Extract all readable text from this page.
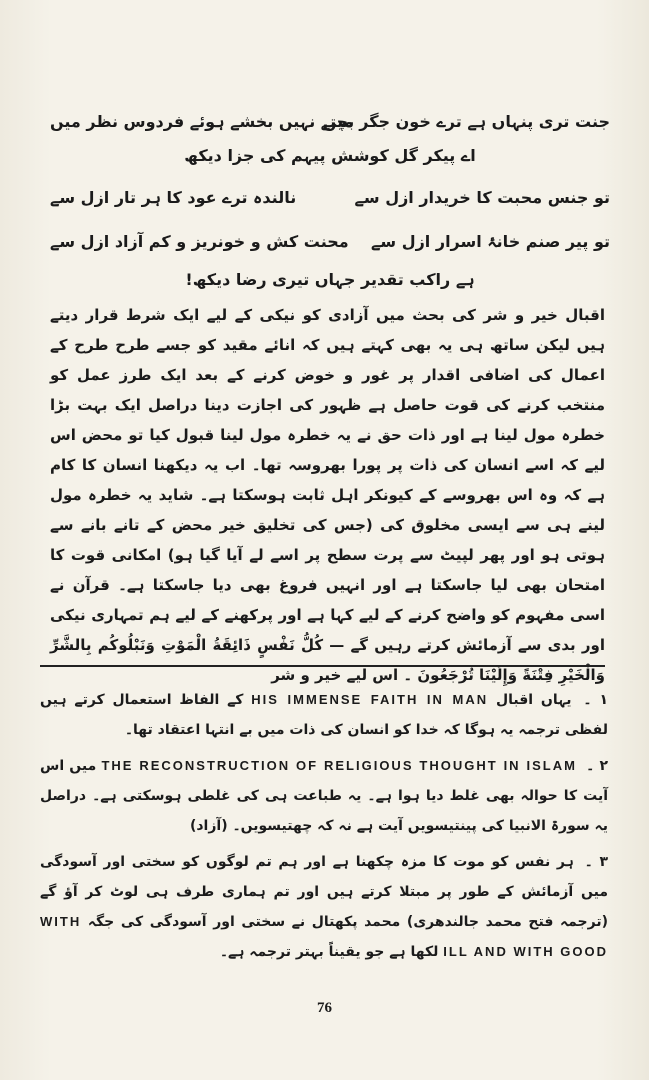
جنت تری پنہاں ہے ترے خون جگر میں
بچتے نہیں بخشے ہوئے فردوس نظر میں
اے پیکر گل کوشش پیہم کی جزا دیکھ
تو جنس محبت کا خریدار ازل سے
نالندہ ترے عود کا ہر تار ازل سے
تو پیر صنم خانۂ اسرار ازل سے
محنت کش و خونریز و کم آزاد ازل سے
ہے راکب تقدیر جہاں تیری رضا دیکھ!

اقبال خیر و شر کی بحث میں آزادی کو نیکی کے لیے ایک شرط قرار دیتے ہیں لیکن ساتھ ہی یہ بھی کہتے ہیں کہ انائے مقید کو جسے طرح طرح کے اعمال کی اضافی اقدار پر غور و خوض کرنے کے بعد ایک طرز عمل کو منتخب کرنے کی قوت حاصل ہے ظہور کی اجازت دینا دراصل ایک بہت بڑا خطرہ مول لینا ہے اور ذات حق نے یہ خطرہ مول لینا قبول کیا تو محض اس لیے کہ اسے انسان کی ذات پر پورا بھروسہ تھا۔ اب یہ دیکھنا انسان کا کام ہے کہ وہ اس بھروسے کے کیونکر اہل ثابت ہوسکتا ہے۔ شاید یہ خطرہ مول لینے ہی سے ایسی مخلوق کی (جس کی تخلیق خیر محض کے تانے بانے سے ہوتی ہو اور پھر لپیٹ سے پرت سطح پر اسے لے آیا گیا ہو) امکانی قوت کا امتحان بھی لیا جاسکتا ہے اور انہیں فروغ بھی دیا جاسکتا ہے۔ قرآن نے اسی مفہوم کو واضح کرنے کے لیے کہا ہے اور پرکھنے کے لیے ہم تمہاری نیکی اور بدی سے آزمائش کرتے رہیں گے — کُلُّ نَفْسٍ ذَائِقَةُ الْمَوْتِ وَنَبْلُوكُم بِالشَّرِّ وَالْخَيْرِ فِتْنَةً وَإِلَيْنَا تُرْجَعُونَ ۔ اس لیے خیر و شر

۱ ۔ یہاں اقبال HIS IMMENSE FAITH IN MAN کے الفاظ استعمال کرتے ہیں لفظی ترجمہ یہ ہوگا کہ خدا کو انسان کی ذات میں بے انتہا اعتقاد تھا۔

۲ ۔ THE RECONSTRUCTION OF RELIGIOUS THOUGHT IN ISLAM میں اس آیت کا حوالہ بھی غلط دیا ہوا ہے۔ یہ طباعت ہی کی غلطی ہوسکتی ہے۔ دراصل یہ سورۃ الانبیا کی پینتیسویں آیت ہے نہ کہ چھتیسویں۔ (آزاد)

۳ ۔ ہر نفس کو موت کا مزہ چکھنا ہے اور ہم تم لوگوں کو سختی اور آسودگی میں آزمائش کے طور پر مبتلا کرتے ہیں اور تم ہماری طرف ہی لوٹ کر آؤ گے (ترجمہ فتح محمد جالندھری) محمد پکھتال نے سختی اور آسودگی کی جگہ WITH ILL AND WITH GOOD لکھا ہے جو یقیناً بہتر ترجمہ ہے۔

76
